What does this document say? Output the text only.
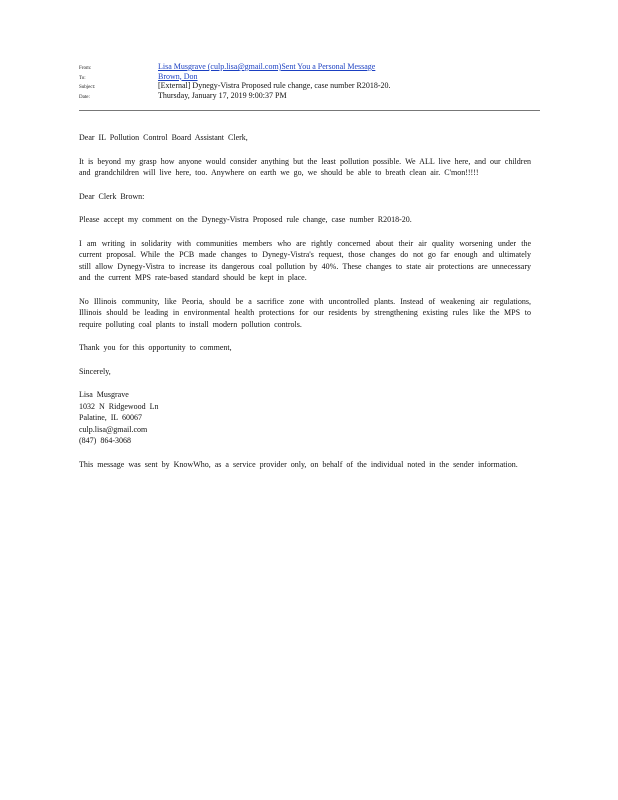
From:	Lisa Musgrave (culp.lisa@gmail.com)Sent You a Personal Message
To:	Brown, Don
Subject:	[External] Dynegy-Vistra Proposed rule change, case number R2018-20.
Date:	Thursday, January 17, 2019 9:00:37 PM

Dear IL Pollution Control Board Assistant Clerk,

It is beyond my grasp how anyone would consider anything but the least pollution possible. We ALL live here, and our children and grandchildren will live here, too. Anywhere on earth we go, we should be able to breath clean air. C'mon!!!!!

Dear Clerk Brown:

Please accept my comment on the Dynegy-Vistra Proposed rule change, case number R2018-20.

I am writing in solidarity with communities members who are rightly concerned about their air quality worsening under the current proposal. While the PCB made changes to Dynegy-Vistra's request, those changes do not go far enough and ultimately still allow Dynegy-Vistra to increase its dangerous coal pollution by 40%. These changes to state air protections are unnecessary and the current MPS rate-based standard should be kept in place.

No Illinois community, like Peoria, should be a sacrifice zone with uncontrolled plants. Instead of weakening air regulations, Illinois should be leading in environmental health protections for our residents by strengthening existing rules like the MPS to require polluting coal plants to install modern pollution controls.

Thank you for this opportunity to comment,

Sincerely,

Lisa Musgrave
1032 N Ridgewood Ln
Palatine, IL 60067
culp.lisa@gmail.com
(847) 864-3068

This message was sent by KnowWho, as a service provider only, on behalf of the individual noted in the sender information.
